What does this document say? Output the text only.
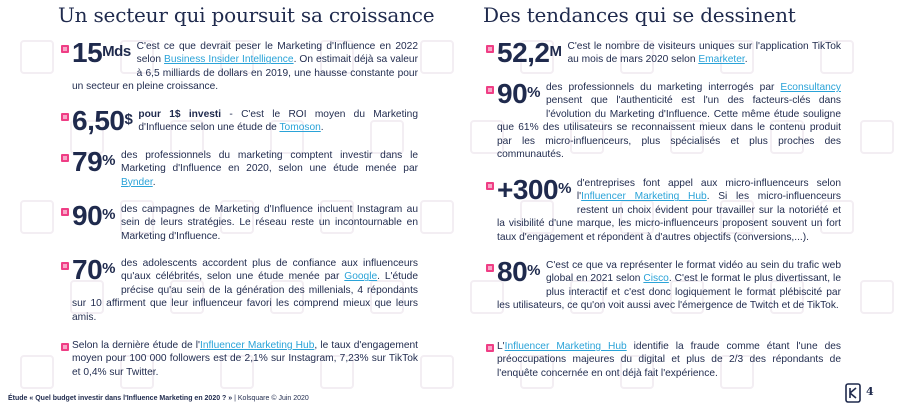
Un secteur qui poursuit sa croissance
$15^{Mds}$ C'est ce que devrait peser le Marketing d'Influence en 2022 selon Business Insider Intelligence. On estimait déjà sa valeur à 6,5 milliards de dollars en 2019, une hausse constante pour un secteur en pleine croissance.
6,50$ pour 1$ investi - C'est le ROI moyen du Marketing d'Influence selon une étude de Tomoson.
79% des professionnels du marketing comptent investir dans le Marketing d'Influence en 2020, selon une étude menée par Bynder.
90% des campagnes de Marketing d'Influence incluent Instagram au sein de leurs stratégies. Le réseau reste un incontournable en Marketing d'Influence.
70% des adolescents accordent plus de confiance aux influenceurs qu'aux célébrités, selon une étude menée par Google. L'étude précise qu'au sein de la génération des millenials, 4 répondants sur 10 affirment que leur influenceur favori les comprend mieux que leurs amis.
Selon la dernière étude de l'Influencer Marketing Hub, le taux d'engagement moyen pour 100 000 followers est de 2,1% sur Instagram, 7,23% sur TikTok et 0,4% sur Twitter.
Des tendances qui se dessinent
$52,2^M$ C'est le nombre de visiteurs uniques sur l'application TikTok au mois de mars 2020 selon Emarketer.
90% des professionnels du marketing interrogés par Econsultancy pensent que l'authenticité est l'un des facteurs-clés dans l'évolution du Marketing d'Influence. Cette même étude souligne que 61% des utilisateurs se reconnaissent mieux dans le contenu produit par les micro-influenceurs, plus spécialisés et plus proches des communautés.
+300% d'entreprises font appel aux micro-influenceurs selon l'Influencer Marketing Hub. Si les micro-influenceurs restent un choix évident pour travailler sur la notoriété et la visibilité d'une marque, les micro-influenceurs proposent souvent un fort taux d'engagement et répondent à d'autres objectifs (conversions,...).
80% C'est ce que va représenter le format vidéo au sein du trafic web global en 2021 selon Cisco. C'est le format le plus divertissant, le plus interactif et c'est donc logiquement le format plébiscité par les utilisateurs, ce qu'on voit aussi avec l'émergence de Twitch et de TikTok.
L'Influencer Marketing Hub identifie la fraude comme étant l'une des préoccupations majeures du digital et plus de 2/3 des répondants de l'enquête concernée en ont déjà fait l'expérience.
Étude « Quel budget investir dans l'Influence Marketing en 2020 ? » | Kolsquare © Juin 2020
4
